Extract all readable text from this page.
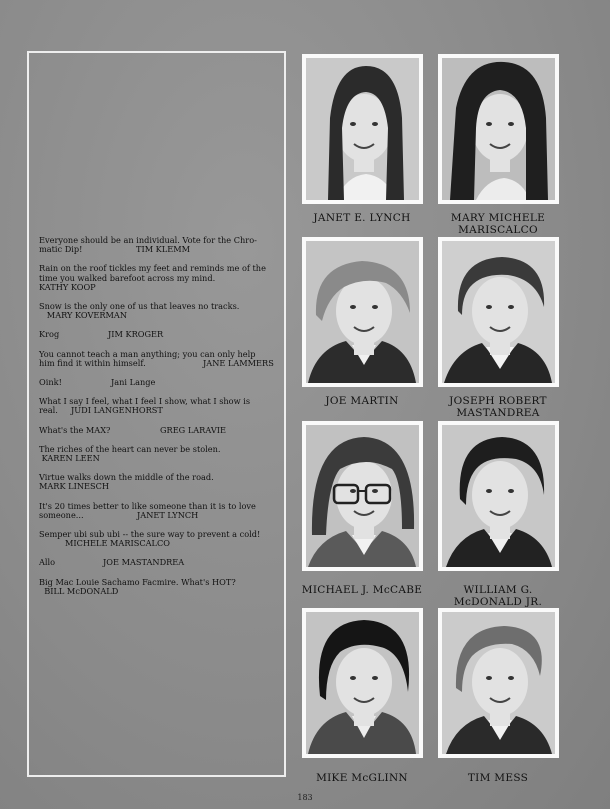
Everyone should be an individual. Vote for the Chro-
matic Dip!	TIM KLEMM
Rain on the roof tickles my feet and reminds me of the
time you walked barefoot across my mind.
KATHY KOOP
Snow is the only one of us that leaves no tracks.
MARY KOVERMAN
Krog	JIM KROGER
You cannot teach a man anything; you can only help
him find it within himself.	JANE LAMMERS
Oink!	Jani Lange
What I say I feel, what I feel I show, what I show is
real. JUDI LANGENHORST
What's the MAX?	GREG LARAVIE
The riches of the heart can never be stolen.
KAREN LEEN
Virtue walks down the middle of the road.
MARK LINESCH
It's 20 times better to like someone than it is to love
someone...	JANET LYNCH
Semper ubi sub ubi -- the sure way to prevent a cold!
MICHELE MARISCALCO
Allo	JOE MASTANDREA
Big Mac Louie Sachamo Facmire. What's HOT?
BILL McDONALD
JANET E. LYNCH	MARY MICHELE
MARISCALCO
JOE MARTIN	JOSEPH ROBERT
MASTANDREA
MICHAEL J. McCABE	WILLIAM G.
McDONALD JR.
MIKE McGLINN	TIM MESS
183
